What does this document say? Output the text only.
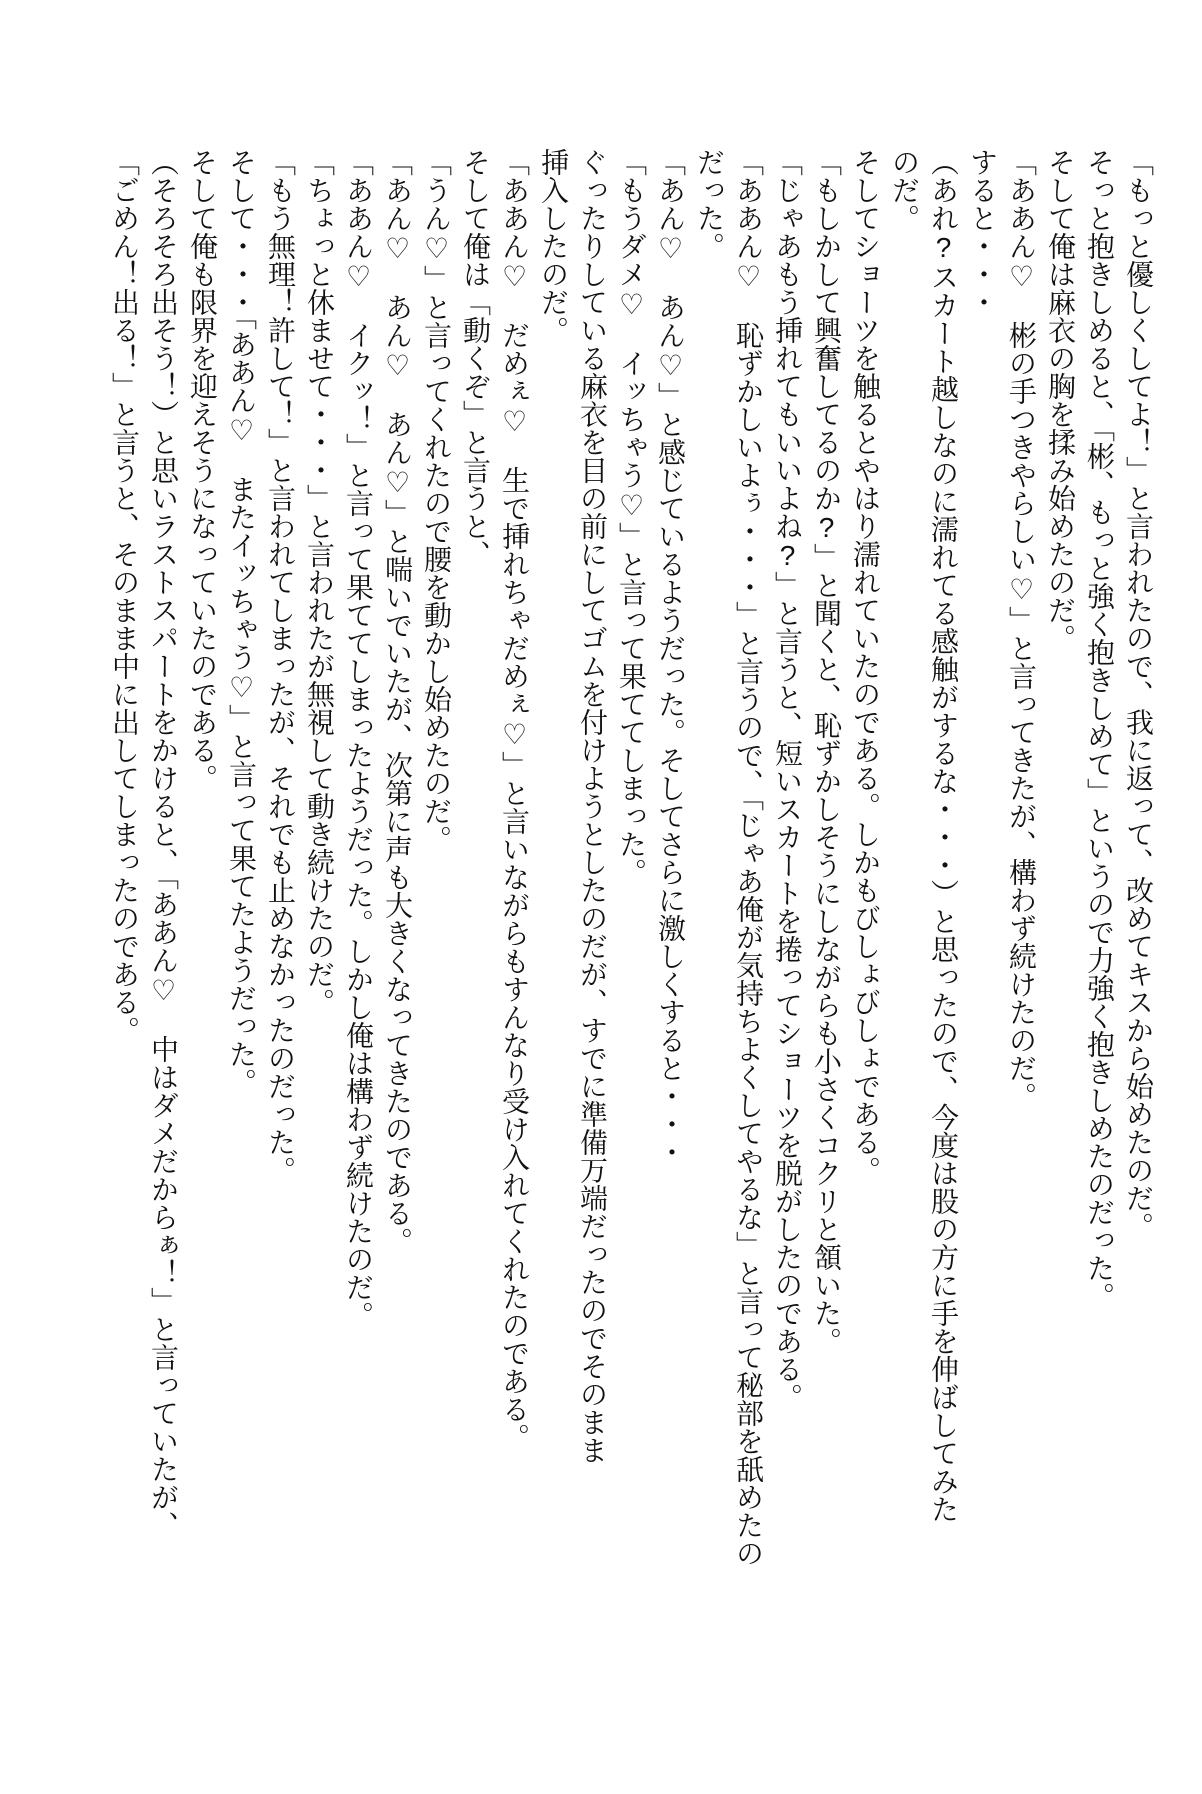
「もっと優しくしてよ！」と言われたので、我に返って、改めてキスから始めたのだ。

そっと抱きしめると、「彬、もっと強く抱きしめて」というので力強く抱きしめたのだった。

そして俺は麻衣の胸を揉み始めたのだ。

「ああん♡　彬の手つきやらしい♡」と言ってきたが、構わず続けたのだ。

すると・・・

（あれ?スカート越しなのに濡れてる感触がするな・・・）と思ったので、今度は股の方に手を伸ばしてみた

のだ。

そしてショーツを触るとやはり濡れていたのである。しかもびしょびしょである。

「もしかして興奮してるのか?」と聞くと、恥ずかしそうにしながらも小さくコクリと頷いた。

「じゃあもう挿れてもいいよね?」と言うと、短いスカートを捲ってショーツを脱がしたのである。

「ああん♡　恥ずかしいよぅ・・・」と言うので、「じゃあ俺が気持ちよくしてやるな」と言って秘部を舐めたの

だった。

「あん♡　あん♡」と感じているようだった。そしてさらに激しくすると・・・

「もうダメ♡　イッちゃう♡」と言って果ててしまった。

ぐったりしている麻衣を目の前にしてゴムを付けようとしたのだが、すでに準備万端だったのでそのまま

挿入したのだ。

「ああん♡　だめぇ♡　生で挿れちゃだめぇ♡」と言いながらもすんなり受け入れてくれたのである。

そして俺は「動くぞ」と言うと、

「うん♡」と言ってくれたので腰を動かし始めたのだ。

「あん♡　あん♡　あん♡」と喘いでいたが、次第に声も大きくなってきたのである。

「ああん♡　イクッ！」と言って果ててしまったようだった。しかし俺は構わず続けたのだ。

「ちょっと休ませて・・・」と言われたが無視して動き続けたのだ。

「もう無理！許して！」と言われてしまったが、それでも止めなかったのだった。

そして・・・「ああん♡　またイッちゃう♡」と言って果てたようだった。

そして俺も限界を迎えそうになっていたのである。

（そろそろ出そう！）と思いラストスパートをかけると、「ああん♡　中はダメだからぁ！」と言っていたが、

「ごめん！出る！」と言うと、そのまま中に出してしまったのである。
